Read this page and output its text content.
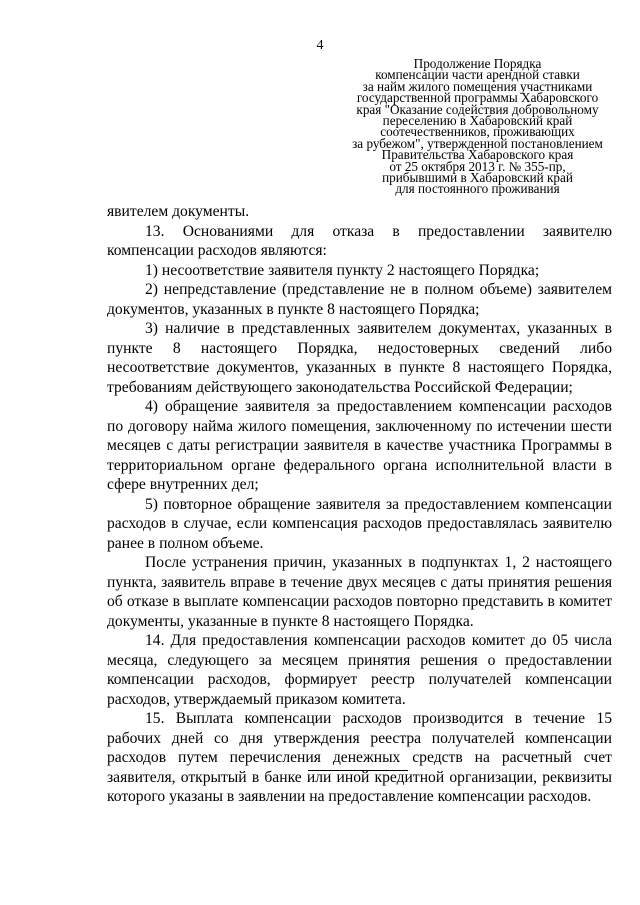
4
Продолжение Порядка
компенсации части арендной ставки
за найм жилого помещения участниками
государственной программы Хабаровского
края "Оказание содействия добровольному
переселению в Хабаровский край
соотечественников, проживающих
за рубежом", утвержденной постановлением
Правительства Хабаровского края
от 25 октября 2013 г. № 355-пр,
прибывшими в Хабаровский край
для постоянного проживания

явителем документы.

13. Основаниями для отказа в предоставлении заявителю компенсации расходов являются:

1) несоответствие заявителя пункту 2 настоящего Порядка;

2) непредставление (представление не в полном объеме) заявителем документов, указанных в пункте 8 настоящего Порядка;

3) наличие в представленных заявителем документах, указанных в пункте 8 настоящего Порядка, недостоверных сведений либо несоответствие документов, указанных в пункте 8 настоящего Порядка, требованиям действующего законодательства Российской Федерации;

4) обращение заявителя за предоставлением компенсации расходов по договору найма жилого помещения, заключенному по истечении шести месяцев с даты регистрации заявителя в качестве участника Программы в территориальном органе федерального органа исполнительной власти в сфере внутренних дел;

5) повторное обращение заявителя за предоставлением компенсации расходов в случае, если компенсация расходов предоставлялась заявителю ранее в полном объеме.

После устранения причин, указанных в подпунктах 1, 2 настоящего пункта, заявитель вправе в течение двух месяцев с даты принятия решения об отказе в выплате компенсации расходов повторно представить в комитет документы, указанные в пункте 8 настоящего Порядка.

14. Для предоставления компенсации расходов комитет до 05 числа месяца, следующего за месяцем принятия решения о предоставлении компенсации расходов, формирует реестр получателей компенсации расходов, утверждаемый приказом комитета.

15. Выплата компенсации расходов производится в течение 15 рабочих дней со дня утверждения реестра получателей компенсации расходов путем перечисления денежных средств на расчетный счет заявителя, открытый в банке или иной кредитной организации, реквизиты которого указаны в заявлении на предоставление компенсации расходов.
